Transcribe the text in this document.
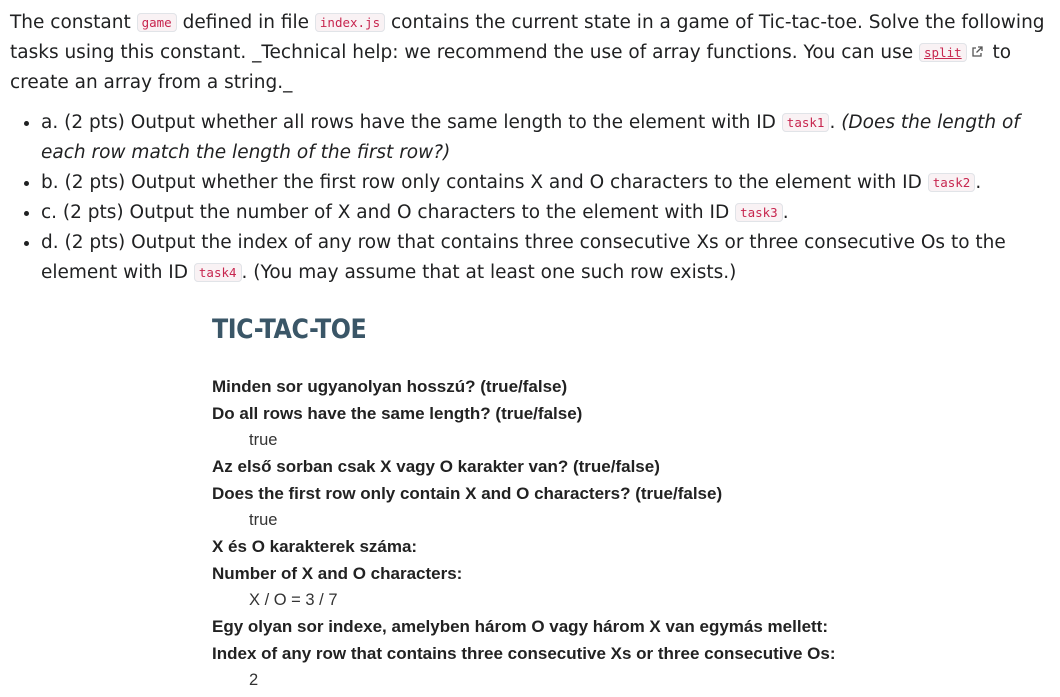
The constant game defined in file index.js contains the current state in a game of Tic-tac-toe. Solve the following tasks using this constant. _Technical help: we recommend the use of array functions. You can use split to create an array from a string._

• a. (2 pts) Output whether all rows have the same length to the element with ID task1 . (Does the length of each row match the length of the first row?)
• b. (2 pts) Output whether the first row only contains X and O characters to the element with ID task2 .
• c. (2 pts) Output the number of X and O characters to the element with ID task3 .
• d. (2 pts) Output the index of any row that contains three consecutive Xs or three consecutive Os to the element with ID task4 . (You may assume that at least one such row exists.)
TIC-TAC-TOE

Minden sor ugyanolyan hosszú? (true/false)

Do all rows have the same length? (true/false)

true

Az első sorban csak X vagy O karakter van? (true/false)

Does the first row only contain X and O characters? (true/false)

true

X és O karakterek száma:

Number of X and O characters:

X / O = 3 / 7

Egy olyan sor indexe, amelyben három O vagy három X van egymás mellett:

Index of any row that contains three consecutive Xs or three consecutive Os:

2
